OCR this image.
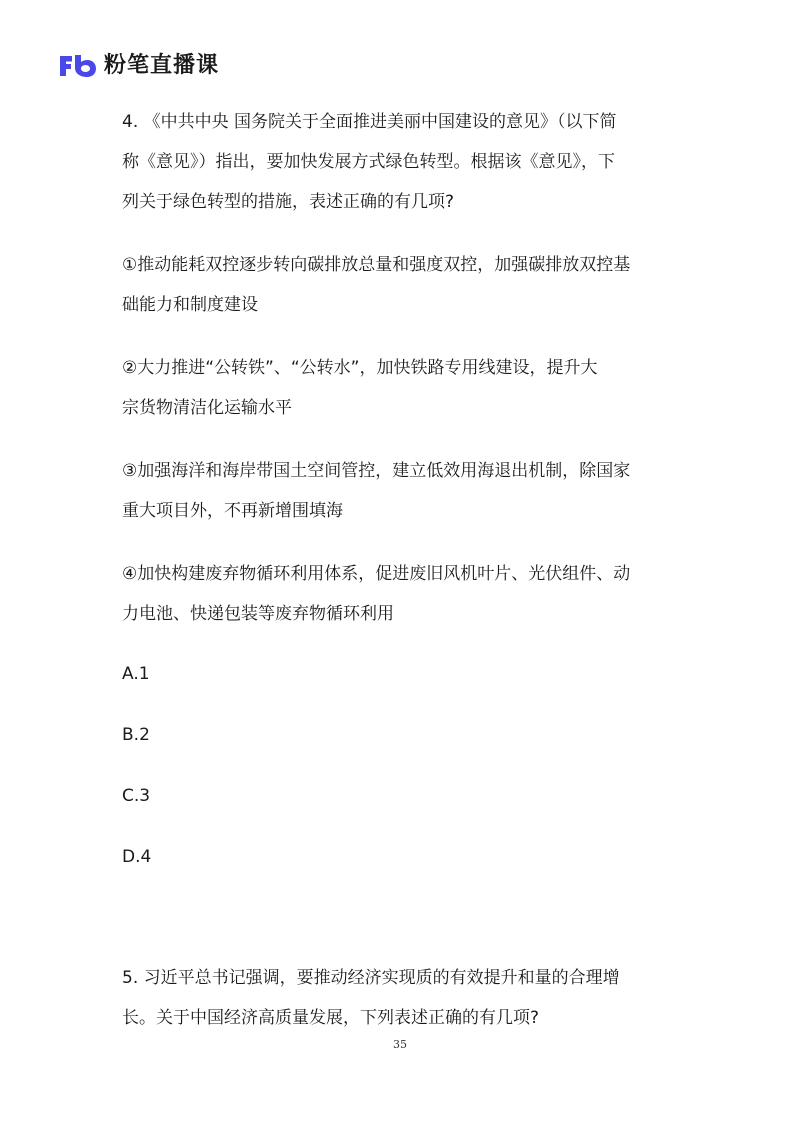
粉笔直播课
4. 《中共中央 国务院关于全面推进美丽中国建设的意见》（以下简
称《意见》）指出，要加快发展方式绿色转型。根据该《意见》，下
列关于绿色转型的措施，表述正确的有几项?
①推动能耗双控逐步转向碳排放总量和强度双控，加强碳排放双控基
础能力和制度建设
②大力推进“公转铁”、“公转水”，加快铁路专用线建设，提升大
宗货物清洁化运输水平
③加强海洋和海岸带国土空间管控，建立低效用海退出机制，除国家
重大项目外，不再新增围填海
④加快构建废弃物循环利用体系，促进废旧风机叶片、光伏组件、动
力电池、快递包装等废弃物循环利用
A.1
B.2
C.3
D.4
5. 习近平总书记强调，要推动经济实现质的有效提升和量的合理增
长。关于中国经济高质量发展，下列表述正确的有几项?
35
